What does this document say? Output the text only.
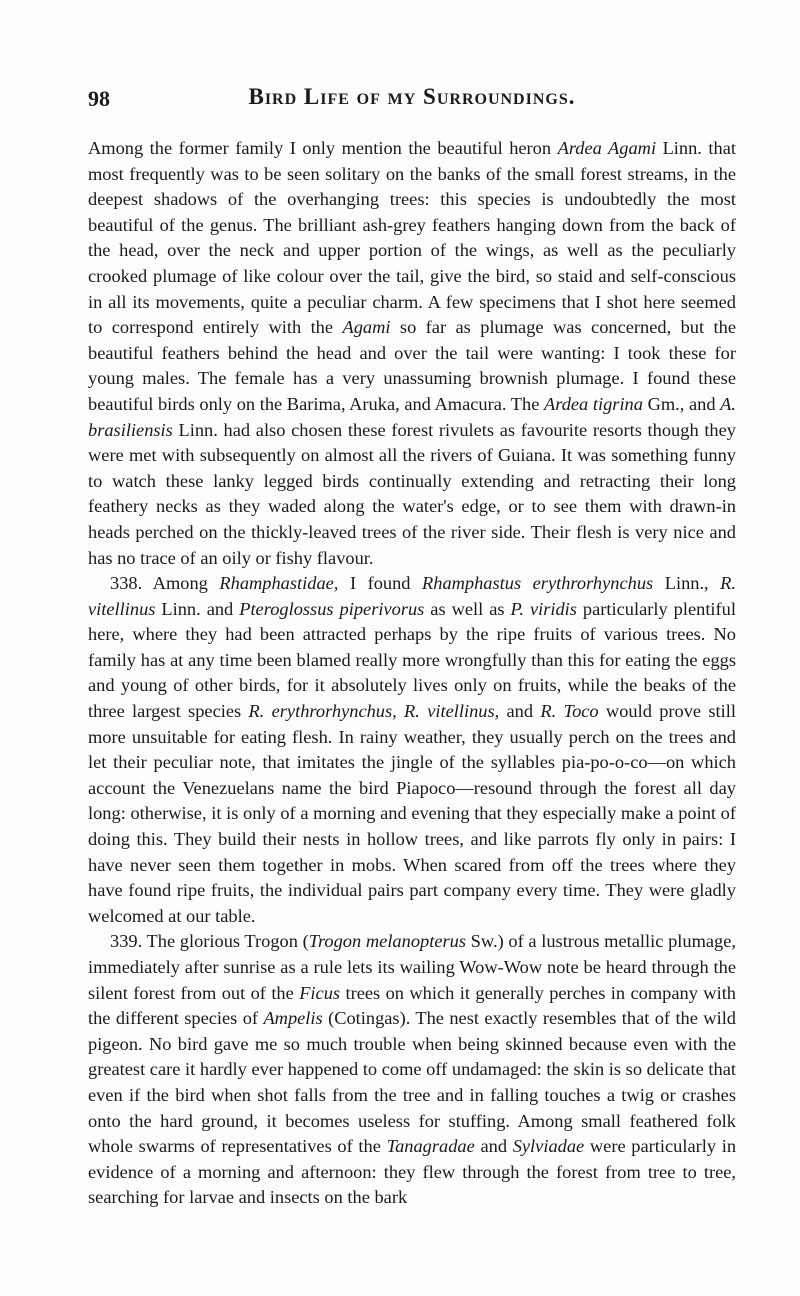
98	Bird Life of my Surroundings.

Among the former family I only mention the beautiful heron Ardea Agami Linn. that most frequently was to be seen solitary on the banks of the small forest streams, in the deepest shadows of the overhanging trees: this species is undoubtedly the most beautiful of the genus. The brilliant ash-grey feathers hanging down from the back of the head, over the neck and upper portion of the wings, as well as the peculiarly crooked plumage of like colour over the tail, give the bird, so staid and self-conscious in all its movements, quite a peculiar charm. A few specimens that I shot here seemed to correspond entirely with the Agami so far as plumage was concerned, but the beautiful feathers behind the head and over the tail were wanting: I took these for young males. The female has a very unassuming brownish plumage. I found these beautiful birds only on the Barima, Aruka, and Amacura. The Ardea tigrina Gm., and A. brasiliensis Linn. had also chosen these forest rivulets as favourite resorts though they were met with subsequently on almost all the rivers of Guiana. It was something funny to watch these lanky legged birds continually extending and retracting their long feathery necks as they waded along the water's edge, or to see them with drawn-in heads perched on the thickly-leaved trees of the river side. Their flesh is very nice and has no trace of an oily or fishy flavour.

338. Among Rhamphastidae, I found Rhamphastus erythrorhynchus Linn., R. vitellinus Linn. and Pteroglossus piperivorus as well as P. viridis particularly plentiful here, where they had been attracted perhaps by the ripe fruits of various trees. No family has at any time been blamed really more wrongfully than this for eating the eggs and young of other birds, for it absolutely lives only on fruits, while the beaks of the three largest species R. erythrorhynchus, R. vitellinus, and R. Toco would prove still more unsuitable for eating flesh. In rainy weather, they usually perch on the trees and let their peculiar note, that imitates the jingle of the syllables pia-po-o-co—on which account the Venezuelans name the bird Piapoco—resound through the forest all day long: otherwise, it is only of a morning and evening that they especially make a point of doing this. They build their nests in hollow trees, and like parrots fly only in pairs: I have never seen them together in mobs. When scared from off the trees where they have found ripe fruits, the individual pairs part company every time. They were gladly welcomed at our table.

339. The glorious Trogon (Trogon melanopterus Sw.) of a lustrous metallic plumage, immediately after sunrise as a rule lets its wailing Wow-Wow note be heard through the silent forest from out of the Ficus trees on which it generally perches in company with the different species of Ampelis (Cotingas). The nest exactly resembles that of the wild pigeon. No bird gave me so much trouble when being skinned because even with the greatest care it hardly ever happened to come off undamaged: the skin is so delicate that even if the bird when shot falls from the tree and in falling touches a twig or crashes onto the hard ground, it becomes useless for stuffing. Among small feathered folk whole swarms of representatives of the Tanagradae and Sylviadae were particularly in evidence of a morning and afternoon: they flew through the forest from tree to tree, searching for larvae and insects on the bark
